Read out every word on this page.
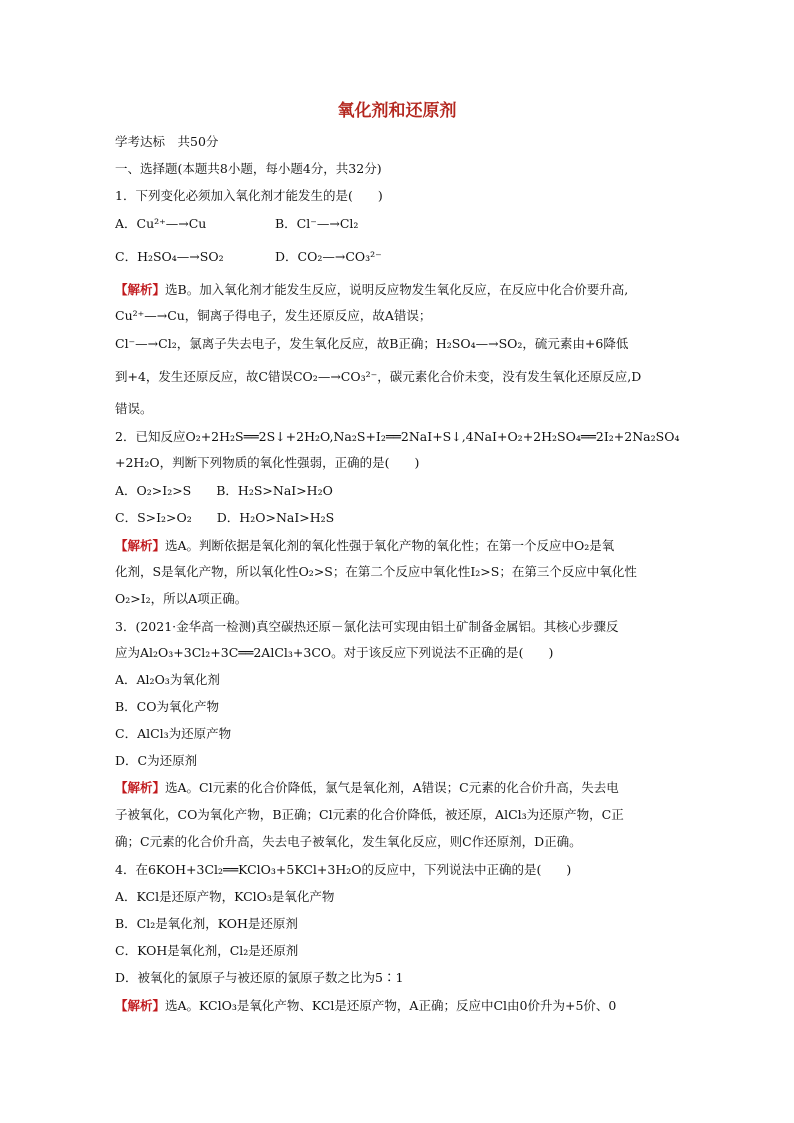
氧化剂和还原剂
学考达标　共50分
一、选择题(本题共8小题，每小题4分，共32分)
1．下列变化必须加入氧化剂才能发生的是(　　)
A．Cu²⁺—→Cu	B．Cl⁻—→Cl₂
C．H₂SO₄—→SO₂	D．CO₂—→CO₃²⁻
【解析】选B。加入氧化剂才能发生反应，说明反应物发生氧化反应，在反应中化合价要升高,
Cu²⁺—→Cu，铜离子得电子，发生还原反应，故A错误；
Cl⁻—→Cl₂，氯离子失去电子，发生氧化反应，故B正确；H₂SO₄—→SO₂，硫元素由+6降低
到+4，发生还原反应，故C错误CO₂—→CO₃²⁻，碳元素化合价未变，没有发生氧化还原反应,D
错误。
2．已知反应O₂+2H₂S══2S↓+2H₂O,Na₂S+I₂══2NaI+S↓,4NaI+O₂+2H₂SO₄══2I₂+2Na₂SO₄
+2H₂O，判断下列物质的氧化性强弱，正确的是(　　)
A．O₂>I₂>S　　B．H₂S>NaI>H₂O
C．S>I₂>O₂　　D．H₂O>NaI>H₂S
【解析】选A。判断依据是氧化剂的氧化性强于氧化产物的氧化性；在第一个反应中O₂是氧
化剂，S是氧化产物，所以氧化性O₂>S；在第二个反应中氧化性I₂>S；在第三个反应中氧化性
O₂>I₂，所以A项正确。
3．(2021·金华高一检测)真空碳热还原－氯化法可实现由铝土矿制备金属铝。其核心步骤反
应为Al₂O₃+3Cl₂+3C══2AlCl₃+3CO。对于该反应下列说法不正确的是(　　)
A．Al₂O₃为氧化剂
B．CO为氧化产物
C．AlCl₃为还原产物
D．C为还原剂
【解析】选A。Cl元素的化合价降低，氯气是氧化剂，A错误；C元素的化合价升高，失去电
子被氧化，CO为氧化产物，B正确；Cl元素的化合价降低，被还原，AlCl₃为还原产物，C正
确；C元素的化合价升高，失去电子被氧化，发生氧化反应，则C作还原剂，D正确。
4．在6KOH+3Cl₂══KClO₃+5KCl+3H₂O的反应中，下列说法中正确的是(　　)
A．KCl是还原产物，KClO₃是氧化产物
B．Cl₂是氧化剂，KOH是还原剂
C．KOH是氧化剂，Cl₂是还原剂
D．被氧化的氯原子与被还原的氯原子数之比为5∶1
【解析】选A。KClO₃是氧化产物、KCl是还原产物，A正确；反应中Cl由0价升为+5价、0
